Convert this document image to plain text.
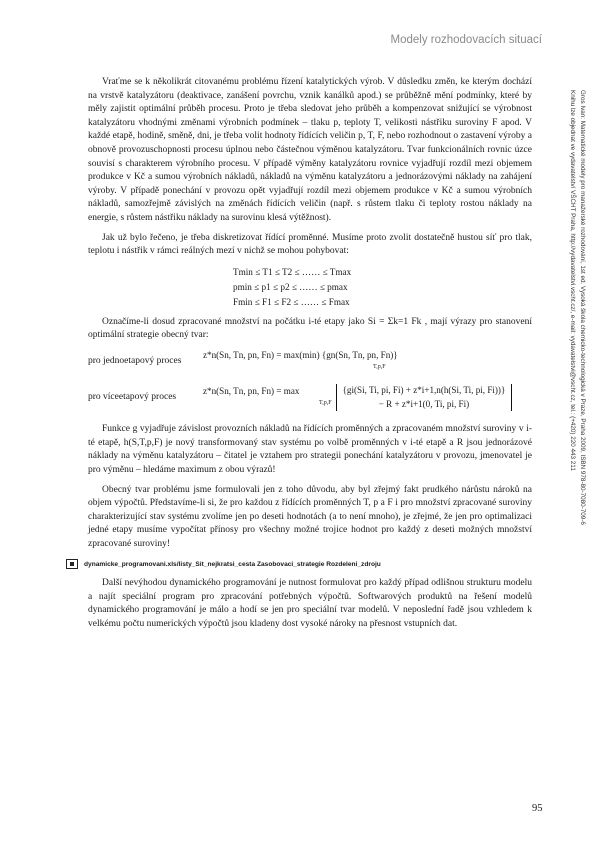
Modely rozhodovacích situací
Gros Ivan: Matematické modely pro manažerské rozhodování, 1st ed. Vysoká škola chemicko-technologická v Praze, Praha 2009, ISBN 978-80-7080-709-6
Knihu lze objednat ve vydavatelství VŠCHT Praha, http://vydavatelstvi.vscht.cz/, e-mail: vydavatelstvi@vscht.cz, tel.: (+420) 220 443 211

Vraťme se k několikrát citovanému problému řízení katalytických výrob. V důsledku změn, ke kterým dochází na vrstvě katalyzátoru (deaktivace, zanášení povrchu, vznik kanálků apod.) se průběžně mění podmínky, které by měly zajistit optimální průběh procesu. Proto je třeba sledovat jeho průběh a kompenzovat snižující se výrobnost katalyzátoru vhodnými změnami výrobních podmínek – tlaku p, teploty T, velikosti nástřiku suroviny F apod. V každé etapě, hodině, směně, dni, je třeba volit hodnoty řídících veličin p, T, F, nebo rozhodnout o zastavení výroby a obnově provozuschopnosti procesu úplnou nebo částečnou výměnou katalyzátoru. Tvar funkcionálních rovnic úzce souvisí s charakterem výrobního procesu. V případě výměny katalyzátoru rovnice vyjadřují rozdíl mezi objemem produkce v Kč a sumou výrobních nákladů, nákladů na výměnu katalyzátoru a jednorázovými náklady na zahájení výroby. V případě ponechání v provozu opět vyjadřují rozdíl mezi objemem produkce v Kč a sumou výrobních nákladů, samozřejmě závislých na změnách řídících veličin (např. s růstem tlaku či teploty rostou náklady na energie, s růstem nástřiku náklady na surovinu klesá výtěžnost).

Jak už bylo řečeno, je třeba diskretizovat řídící proměnné. Musíme proto zvolit dostatečně hustou síť pro tlak, teplotu i nástřik v rámci reálných mezí v nichž se mohou pohybovat:

Tmin ≤ T1 ≤ T2 ≤ …… ≤ Tmax
pmin ≤ p1 ≤ p2 ≤ …… ≤ pmax
Fmin ≤ F1 ≤ F2 ≤ …… ≤ Fmax

Označíme-li dosud zpracované množství na počátku i-té etapy jako Si = Σk=1 Fk , mají výrazy pro stanovení optimální strategie obecný tvar:

pro jednoetapový proces
z*n(Sn, Tn, pn, Fn) = max(min) {gn(Sn, Tn, pn, Fn)}
T,p,F
pro víceetapový proces
z*n(Sn, Tn, pn, Fn) = max
T,p,F
{gi(Si, Ti, pi, Fi) + z*i+1,n(h(Si, Ti, pi, Fi))}
− R + z*i+1(0, Ti, pi, Fi)

Funkce g vyjadřuje závislost provozních nákladů na řídících proměnných a zpracovaném množství suroviny v i-té etapě, h(S,T,p,F) je nový transformovaný stav systému po volbě proměnných v i-té etapě a R jsou jednorázové náklady na výměnu katalyzátoru – čitatel je vztahem pro strategii ponechání katalyzátoru v provozu, jmenovatel je pro výměnu – hledáme maximum z obou výrazů!

Obecný tvar problému jsme formulovali jen z toho důvodu, aby byl zřejmý fakt prudkého nárůstu nároků na objem výpočtů. Představíme-li si, že pro každou z řídících proměnných T, p a F i pro množství zpracované suroviny charakterizující stav systému zvolíme jen po deseti hodnotách (a to není mnoho), je zřejmé, že jen pro optimalizaci jedné etapy musíme vypočítat přínosy pro všechny možné trojice hodnot pro každý z deseti možných množství zpracované suroviny!

dynamicke_programovani.xls/listy_Sit_nejkratsi_cesta Zasobovaci_strategie Rozdeleni_zdroju

Další nevýhodou dynamického programování je nutnost formulovat pro každý případ odlišnou strukturu modelu a najít speciální program pro zpracování potřebných výpočtů. Softwarových produktů na řešení modelů dynamického programování je málo a hodí se jen pro speciální tvar modelů. V neposlední řadě jsou vzhledem k velkému počtu numerických výpočtů jsou kladeny dost vysoké nároky na přesnost vstupních dat.

95
